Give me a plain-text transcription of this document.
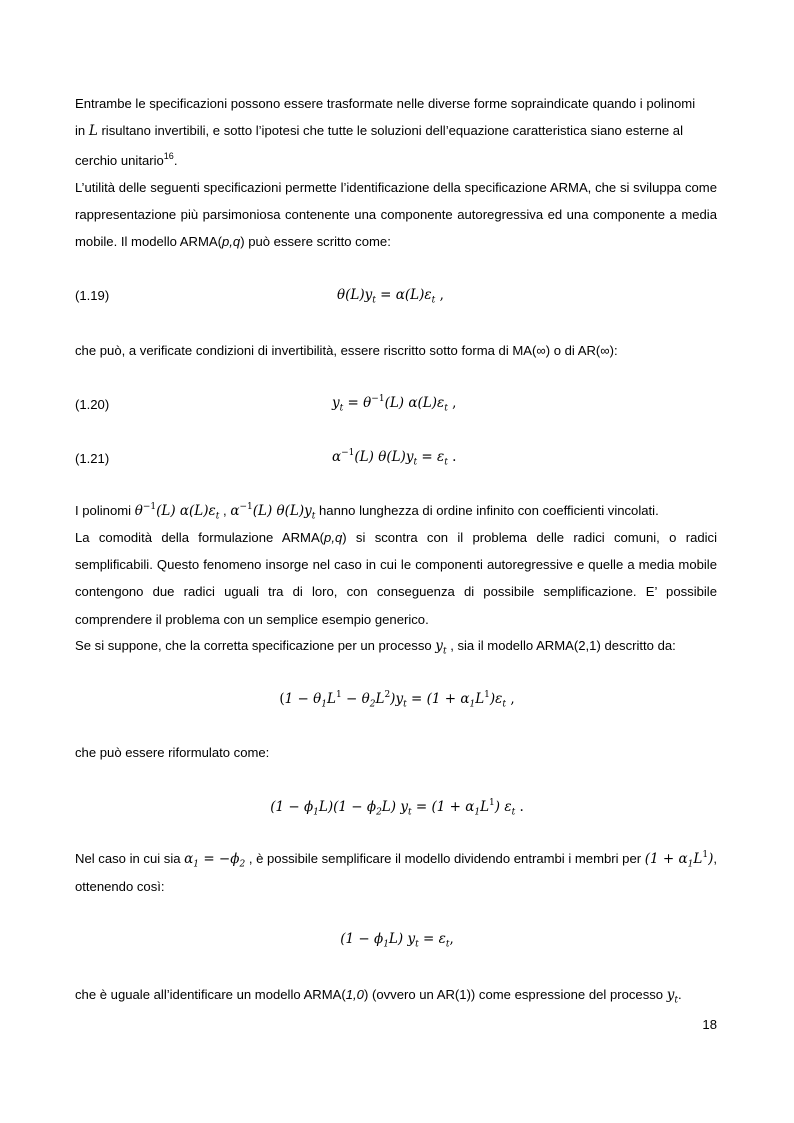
Entrambe le specificazioni possono essere trasformate nelle diverse forme sopraindicate quando i polinomi
in L risultano invertibili, e sotto l’ipotesi che tutte le soluzioni dell’equazione caratteristica siano esterne al
cerchio unitario$^{16}$.

L’utilità delle seguenti specificazioni permette l’identificazione della specificazione ARMA, che si sviluppa come rappresentazione più parsimoniosa contenente una componente autoregressiva ed una componente a media mobile. Il modello ARMA(p,q) può essere scritto come:

(1.19)	$\theta(L)y_t = \alpha(L)\varepsilon_t$ ,
che può, a verificate condizioni di invertibilità, essere riscritto sotto forma di MA(∞) o di AR(∞):
(1.20)	$y_t = \theta^{-1}(L)$ $\alpha(L)\varepsilon_t$ ,
(1.21)	$\alpha^{-1}(L) \theta(L)y_t = \varepsilon_t$ .
I polinomi $\theta^{-1}(L)$ $\alpha(L)\varepsilon_t$ , $\alpha^{-1}(L)$ $\theta(L)y_t$ hanno lunghezza di ordine infinito con coefficienti vincolati.

La comodità della formulazione ARMA(p,q) si scontra con il problema delle radici comuni, o radici semplificabili. Questo fenomeno insorge nel caso in cui le componenti autoregressive e quelle a media mobile contengono due radici uguali tra di loro, con conseguenza di possibile semplificazione. E’ possibile comprendere il problema con un semplice esempio generico.

Se si suppone, che la corretta specificazione per un processo $y_t$ , sia il modello ARMA(2,1) descritto da:
$(1 - \theta_1L^1 - \theta_2L^2)y_t = (1 + \alpha_1L^1)\varepsilon_t$ ,
che può essere riformulato come:
$(1 - \phi_1L)(1 - \phi_2L)$ $y_t = (1 + \alpha_1L^1)$ $\varepsilon_t$ .

Nel caso in cui sia $\alpha_1 = -\phi_2$ , è possibile semplificare il modello dividendo entrambi i membri per $(1 + \alpha_1L^1)$, ottenendo così:

$(1 - \phi_1L)$ $y_t = \varepsilon_t$,
che è uguale all’identificare un modello ARMA(1,0) (ovvero un AR(1)) come espressione del processo $y_t$.
18
